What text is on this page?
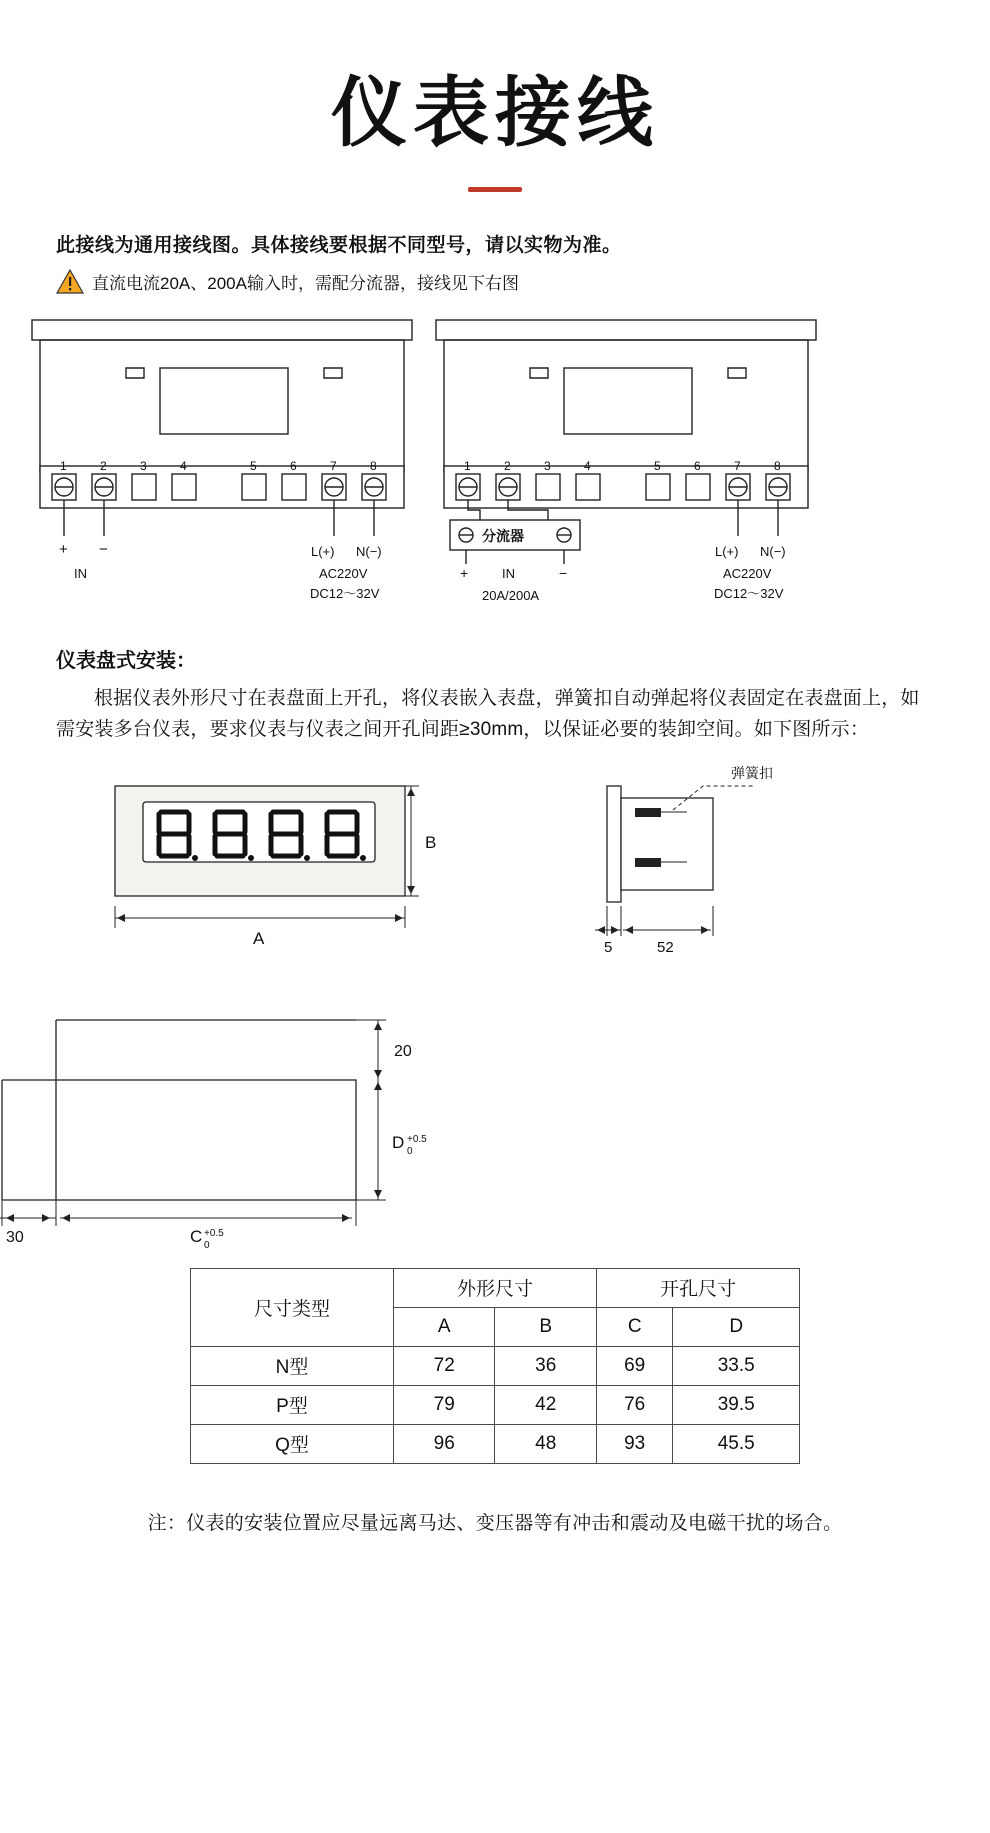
仪表接线
此接线为通用接线图。具体接线要根据不同型号，请以实物为准。
直流电流20A、200A输入时，需配分流器，接线见下右图
1	2	3	4	5	6	7	8
+ −
IN
L(+) N(−)
AC220V
DC12～32V
1	2	3	4	5	6	7	8
分流器
+	−
IN
20A/200A
L(+) N(−)
AC220V
DC12～32V
仪表盘式安装：
根据仪表外形尺寸在表盘面上开孔，将仪表嵌入表盘，弹簧扣自动弹起将仪表固定在表盘面上，如需安装多台仪表，要求仪表与仪表之间开孔间距≥30mm，以保证必要的装卸空间。如下图所示：
B
A
弹簧扣
5	52
20
D +0.5
0
30	C +0.5
0
尺寸类型	外形尺寸		开孔尺寸	
	A	B	C	D
N型	72	36	69	33.5
P型	79	42	76	39.5
Q型	96	48	93	45.5
注：仪表的安装位置应尽量远离马达、变压器等有冲击和震动及电磁干扰的场合。
